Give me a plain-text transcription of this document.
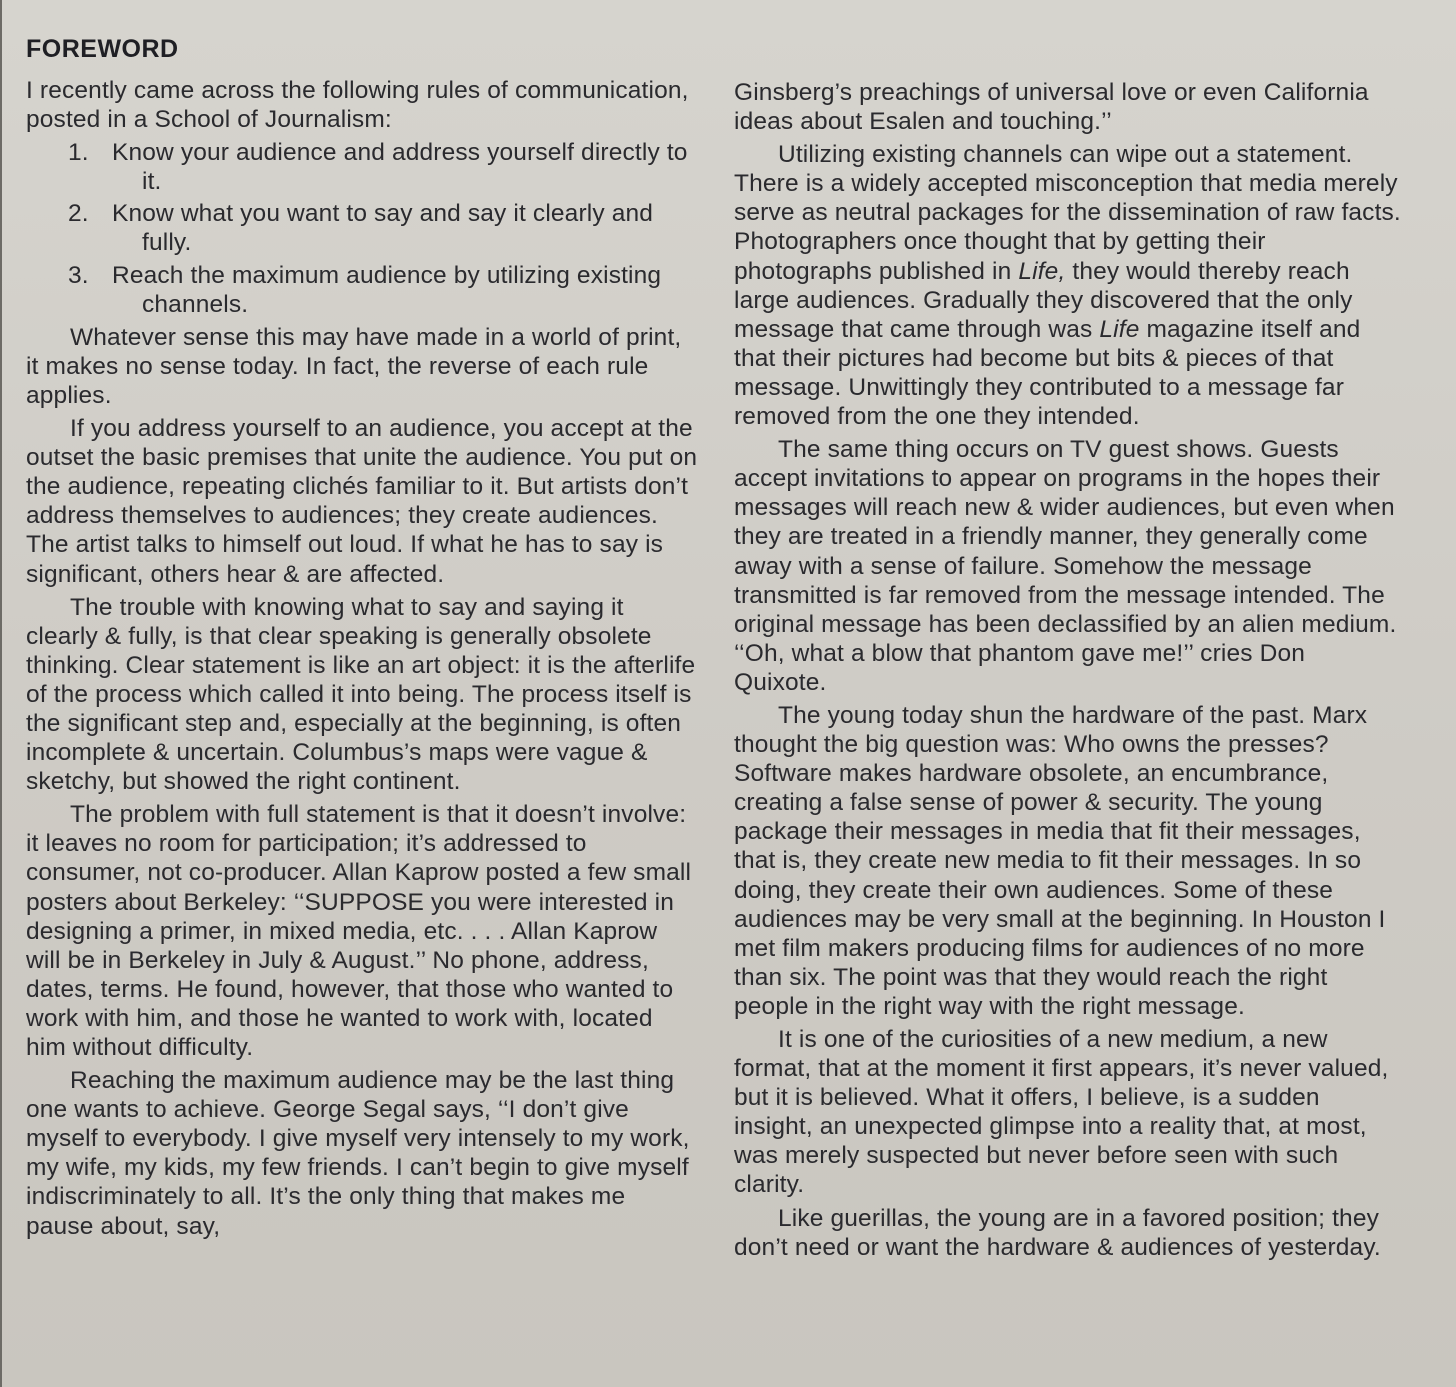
FOREWORD

I recently came across the following rules of communication, posted in a School of Journalism:

1. Know your audience and address yourself directly to it.
2. Know what you want to say and say it clearly and fully.
3. Reach the maximum audience by utilizing existing channels.

Whatever sense this may have made in a world of print, it makes no sense today. In fact, the reverse of each rule applies.

If you address yourself to an audience, you accept at the outset the basic premises that unite the audience. You put on the audience, repeating clichés familiar to it. But artists don’t address themselves to audiences; they create audiences. The artist talks to himself out loud. If what he has to say is significant, others hear & are affected.

The trouble with knowing what to say and saying it clearly & fully, is that clear speaking is generally obsolete thinking. Clear statement is like an art object: it is the afterlife of the process which called it into being. The process itself is the significant step and, especially at the beginning, is often incomplete & uncertain. Columbus’s maps were vague & sketchy, but showed the right continent.

The problem with full statement is that it doesn’t involve: it leaves no room for participation; it’s addressed to consumer, not co-producer. Allan Kaprow posted a few small posters about Berkeley: ‘‘SUPPOSE you were interested in designing a primer, in mixed media, etc. . . . Allan Kaprow will be in Berkeley in July & August.’’ No phone, address, dates, terms. He found, however, that those who wanted to work with him, and those he wanted to work with, located him without difficulty.

Reaching the maximum audience may be the last thing one wants to achieve. George Segal says, ‘‘I don’t give myself to everybody. I give myself very intensely to my work, my wife, my kids, my few friends. I can’t begin to give myself indiscriminately to all. It’s the only thing that makes me pause about, say,

Ginsberg’s preachings of universal love or even California ideas about Esalen and touching.’’

Utilizing existing channels can wipe out a statement. There is a widely accepted misconception that media merely serve as neutral packages for the dissemination of raw facts. Photographers once thought that by getting their photographs published in Life, they would thereby reach large audiences. Gradually they discovered that the only message that came through was Life magazine itself and that their pictures had become but bits & pieces of that message. Unwittingly they contributed to a message far removed from the one they intended.

The same thing occurs on TV guest shows. Guests accept invitations to appear on programs in the hopes their messages will reach new & wider audiences, but even when they are treated in a friendly manner, they generally come away with a sense of failure. Somehow the message transmitted is far removed from the message intended. The original message has been declassified by an alien medium. ‘‘Oh, what a blow that phantom gave me!’’ cries Don Quixote.

The young today shun the hardware of the past. Marx thought the big question was: Who owns the presses? Software makes hardware obsolete, an encumbrance, creating a false sense of power & security. The young package their messages in media that fit their messages, that is, they create new media to fit their messages. In so doing, they create their own audiences. Some of these audiences may be very small at the beginning. In Houston I met film makers producing films for audiences of no more than six. The point was that they would reach the right people in the right way with the right message.

It is one of the curiosities of a new medium, a new format, that at the moment it first appears, it’s never valued, but it is believed. What it offers, I believe, is a sudden insight, an unexpected glimpse into a reality that, at most, was merely suspected but never before seen with such clarity.

Like guerillas, the young are in a favored position; they don’t need or want the hardware & audiences of yesterday.
